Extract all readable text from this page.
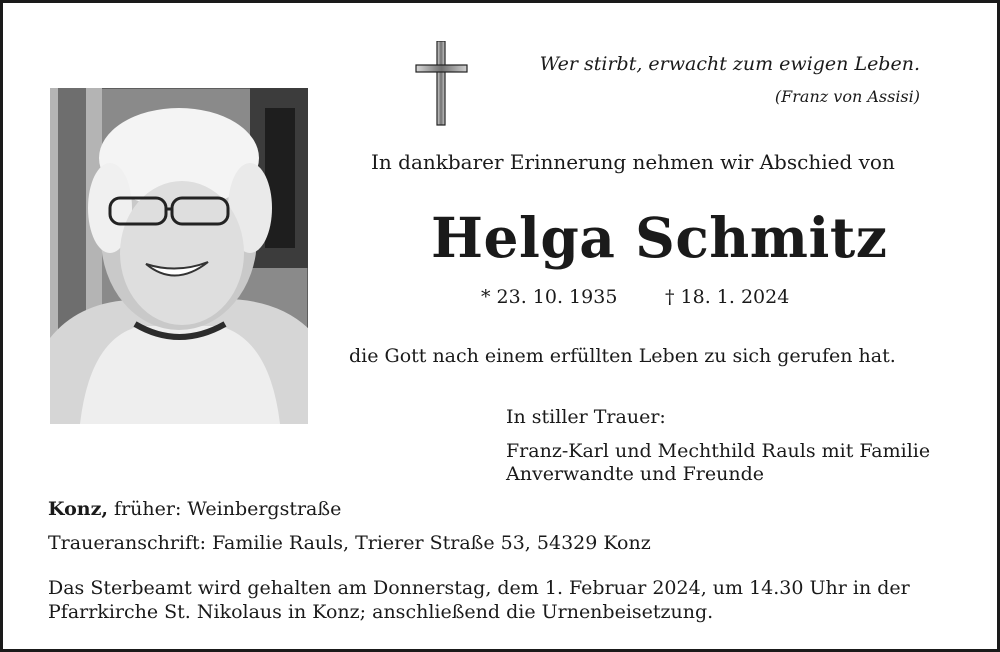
Wer stirbt, erwacht zum ewigen Leben.
(Franz von Assisi)
In dankbarer Erinnerung nehmen wir Abschied von
Helga Schmitz
* 23. 10. 1935	† 18. 1. 2024
die Gott nach einem erfüllten Leben zu sich gerufen hat.
In stiller Trauer:
Franz-Karl und Mechthild Rauls mit Familie
Anverwandte und Freunde
Konz, früher: Weinbergstraße
Traueranschrift: Familie Rauls, Trierer Straße 53, 54329 Konz
Das Sterbeamt wird gehalten am Donnerstag, dem 1. Februar 2024, um 14.30 Uhr in der
Pfarrkirche St. Nikolaus in Konz; anschließend die Urnenbeisetzung.
